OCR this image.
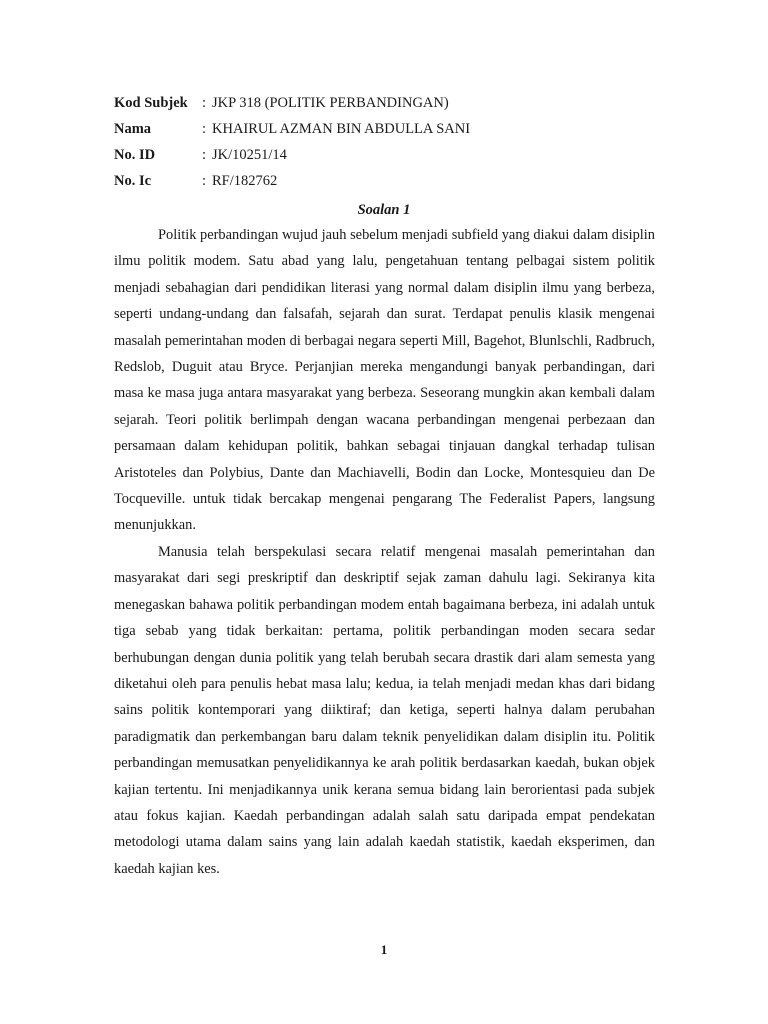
Kod Subjek : JKP 318 (POLITIK PERBANDINGAN)
Nama	: KHAIRUL AZMAN BIN ABDULLA SANI
No. ID	: JK/10251/14
No. Ic	: RF/182762
Soalan 1

Politik perbandingan wujud jauh sebelum menjadi subfield yang diakui dalam disiplin ilmu politik modem. Satu abad yang lalu, pengetahuan tentang pelbagai sistem politik menjadi sebahagian dari pendidikan literasi yang normal dalam disiplin ilmu yang berbeza, seperti undang-undang dan falsafah, sejarah dan surat. Terdapat penulis klasik mengenai masalah pemerintahan moden di berbagai negara seperti Mill, Bagehot, Blunlschli, Radbruch, Redslob, Duguit atau Bryce. Perjanjian mereka mengandungi banyak perbandingan, dari masa ke masa juga antara masyarakat yang berbeza. Seseorang mungkin akan kembali dalam sejarah. Teori politik berlimpah dengan wacana perbandingan mengenai perbezaan dan persamaan dalam kehidupan politik, bahkan sebagai tinjauan dangkal terhadap tulisan Aristoteles dan Polybius, Dante dan Machiavelli, Bodin dan Locke, Montesquieu dan De Tocqueville. untuk tidak bercakap mengenai pengarang The Federalist Papers, langsung menunjukkan.

Manusia telah berspekulasi secara relatif mengenai masalah pemerintahan dan masyarakat dari segi preskriptif dan deskriptif sejak zaman dahulu lagi. Sekiranya kita menegaskan bahawa politik perbandingan modem entah bagaimana berbeza, ini adalah untuk tiga sebab yang tidak berkaitan: pertama, politik perbandingan moden secara sedar berhubungan dengan dunia politik yang telah berubah secara drastik dari alam semesta yang diketahui oleh para penulis hebat masa lalu; kedua, ia telah menjadi medan khas dari bidang sains politik kontemporari yang diiktiraf; dan ketiga, seperti halnya dalam perubahan paradigmatik dan perkembangan baru dalam teknik penyelidikan dalam disiplin itu. Politik perbandingan memusatkan penyelidikannya ke arah politik berdasarkan kaedah, bukan objek kajian tertentu. Ini menjadikannya unik kerana semua bidang lain berorientasi pada subjek atau fokus kajian. Kaedah perbandingan adalah salah satu daripada empat pendekatan metodologi utama dalam sains yang lain adalah kaedah statistik, kaedah eksperimen, dan kaedah kajian kes.

1
